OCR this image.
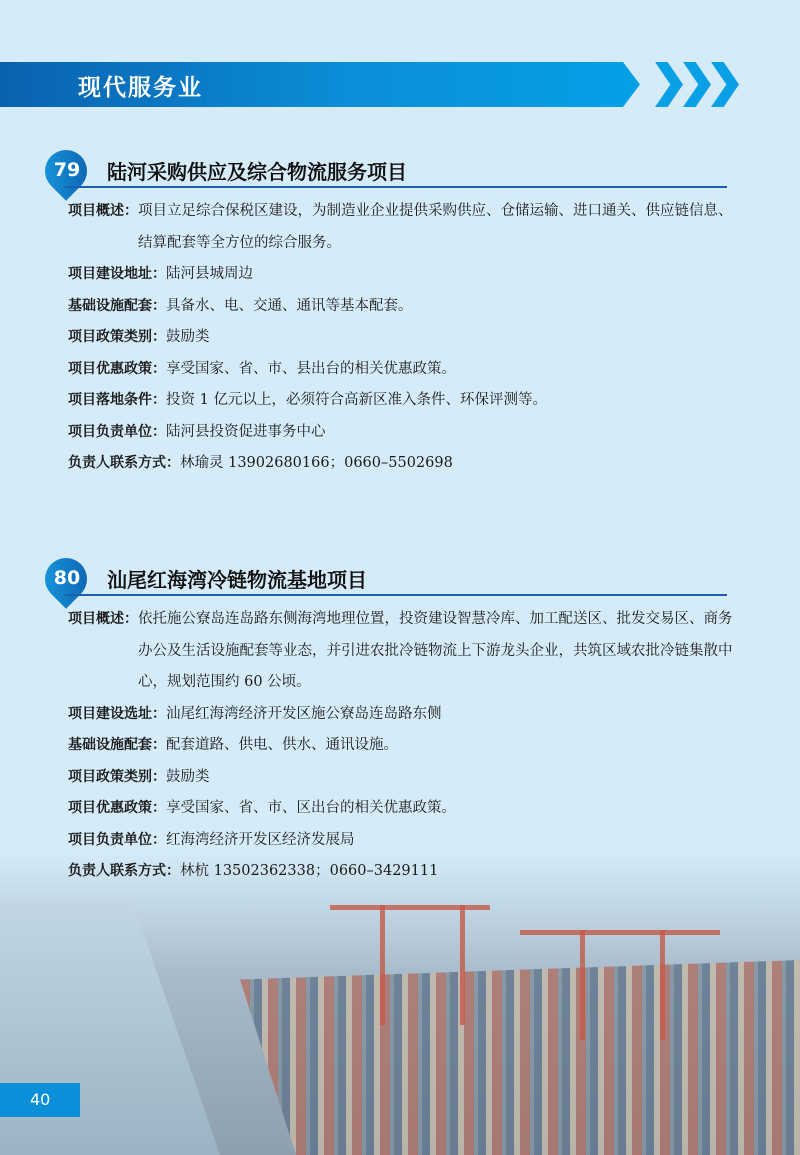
现代服务业
79	陆河采购供应及综合物流服务项目
项目概述： 项目立足综合保税区建设，为制造业企业提供采购供应、仓储运输、进口通关、供应链信息、结算配套等全方位的综合服务。
项目建设地址： 陆河县城周边
基础设施配套： 具备水、电、交通、通讯等基本配套。
项目政策类别： 鼓励类
项目优惠政策： 享受国家、省、市、县出台的相关优惠政策。
项目落地条件： 投资 1 亿元以上，必须符合高新区准入条件、环保评测等。
项目负责单位： 陆河县投资促进事务中心
负责人联系方式： 林瑜灵 13902680166；0660–5502698
80	汕尾红海湾冷链物流基地项目
项目概述： 依托施公寮岛连岛路东侧海湾地理位置，投资建设智慧冷库、加工配送区、批发交易区、商务办公及生活设施配套等业态，并引进农批冷链物流上下游龙头企业，共筑区域农批冷链集散中心，规划范围约 60 公顷。
项目建设选址： 汕尾红海湾经济开发区施公寮岛连岛路东侧
基础设施配套： 配套道路、供电、供水、通讯设施。
项目政策类别： 鼓励类
项目优惠政策： 享受国家、省、市、区出台的相关优惠政策。
项目负责单位： 红海湾经济开发区经济发展局
负责人联系方式： 林杭 13502362338；0660–3429111
40
